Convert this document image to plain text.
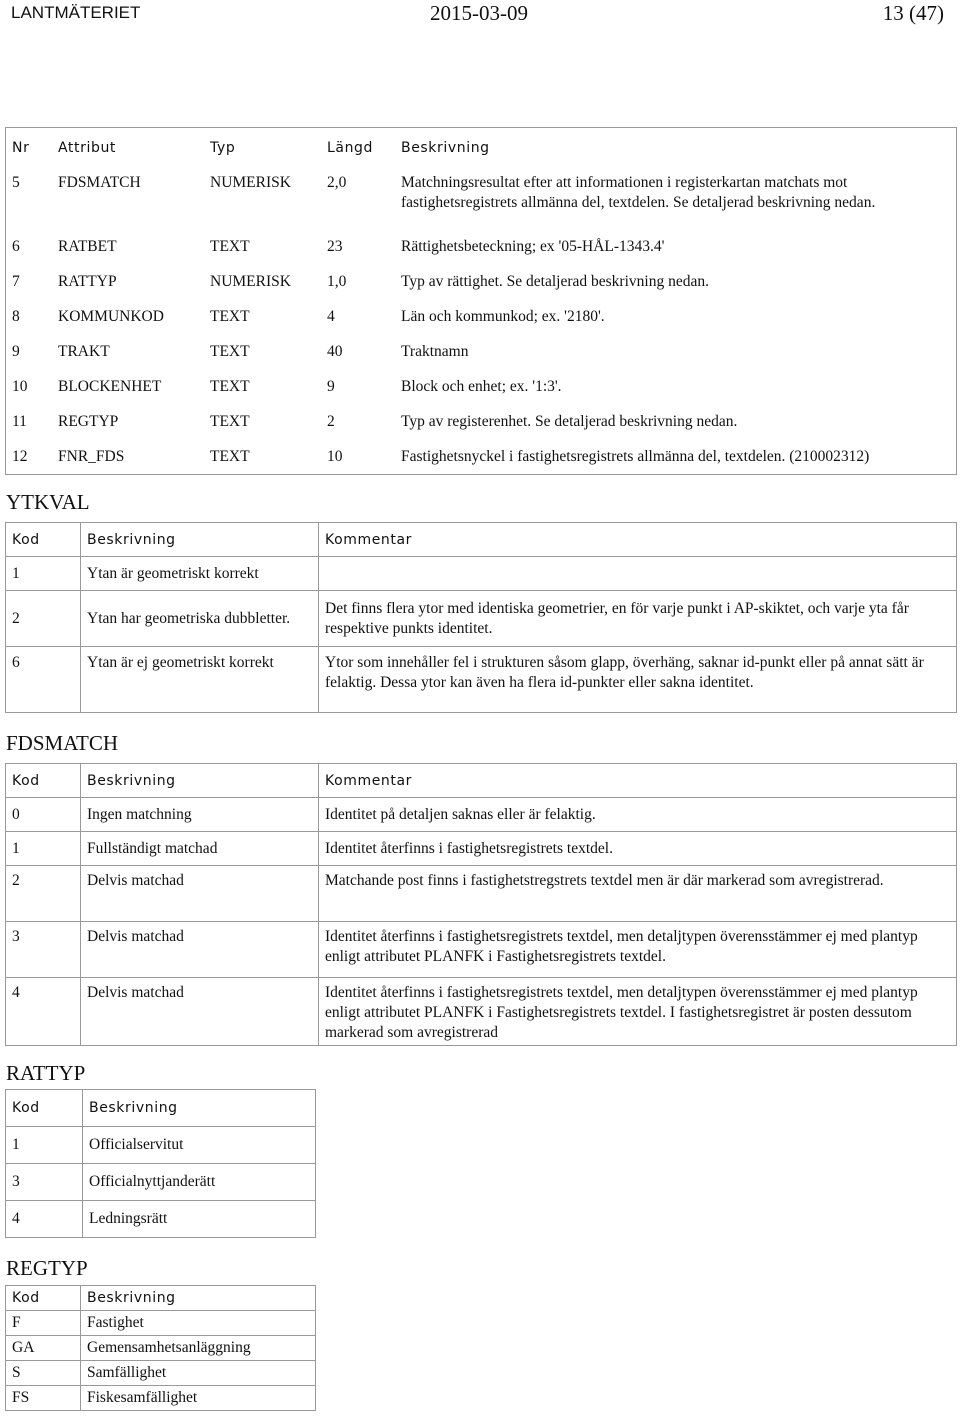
LANTMÄTERIET	2015-03-09	13 (47)
Nr	Attribut	Typ	Längd	Beskrivning
5	FDSMATCH	NUMERISK	2,0	Matchningsresultat efter att informationen i registerkartan matchats mot fastighetsregistrets allmänna del, textdelen. Se detaljerad beskrivning nedan.
6	RATBET	TEXT	23	Rättighetsbeteckning; ex '05-HÅL-1343.4'
7	RATTYP	NUMERISK	1,0	Typ av rättighet. Se detaljerad beskrivning nedan.
8	KOMMUNKOD	TEXT	4	Län och kommunkod; ex. '2180'.
9	TRAKT	TEXT	40	Traktnamn
10	BLOCKENHET	TEXT	9	Block och enhet; ex. '1:3'.
11	REGTYP	TEXT	2	Typ av registerenhet. Se detaljerad beskrivning nedan.
12	FNR_FDS	TEXT	10	Fastighetsnyckel i fastighetsregistrets allmänna del, textdelen. (210002312)
YTKVAL
Kod	Beskrivning	Kommentar
1	Ytan är geometriskt korrekt	
2	Ytan har geometriska dubbletter.	Det finns flera ytor med identiska geometrier, en för varje punkt i AP-skiktet, och varje yta får respektive punkts identitet.
6	Ytan är ej geometriskt korrekt	Ytor som innehåller fel i strukturen såsom glapp, överhäng, saknar id-punkt eller på annat sätt är felaktig. Dessa ytor kan även ha flera id-punkter eller sakna identitet.
FDSMATCH
Kod	Beskrivning	Kommentar
0	Ingen matchning	Identitet på detaljen saknas eller är felaktig.
1	Fullständigt matchad	Identitet återfinns i fastighetsregistrets textdel.
2	Delvis matchad	Matchande post finns i fastighetstregstrets textdel men är där markerad som avregistrerad.
3	Delvis matchad	Identitet återfinns i fastighetsregistrets textdel, men detaljtypen överensstämmer ej med plantyp enligt attributet PLANFK i Fastighetsregistrets textdel.
4	Delvis matchad	Identitet återfinns i fastighetsregistrets textdel, men detaljtypen överensstämmer ej med plantyp enligt attributet PLANFK i Fastighetsregistrets textdel. I fastighetsregistret är posten dessutom markerad som avregistrerad
RATTYP
Kod	Beskrivning
1	Officialservitut
3	Officialnyttjanderätt
4	Ledningsrätt
REGTYP
Kod	Beskrivning
F	Fastighet
GA	Gemensamhetsanläggning
S	Samfällighet
FS	Fiskesamfällighet
